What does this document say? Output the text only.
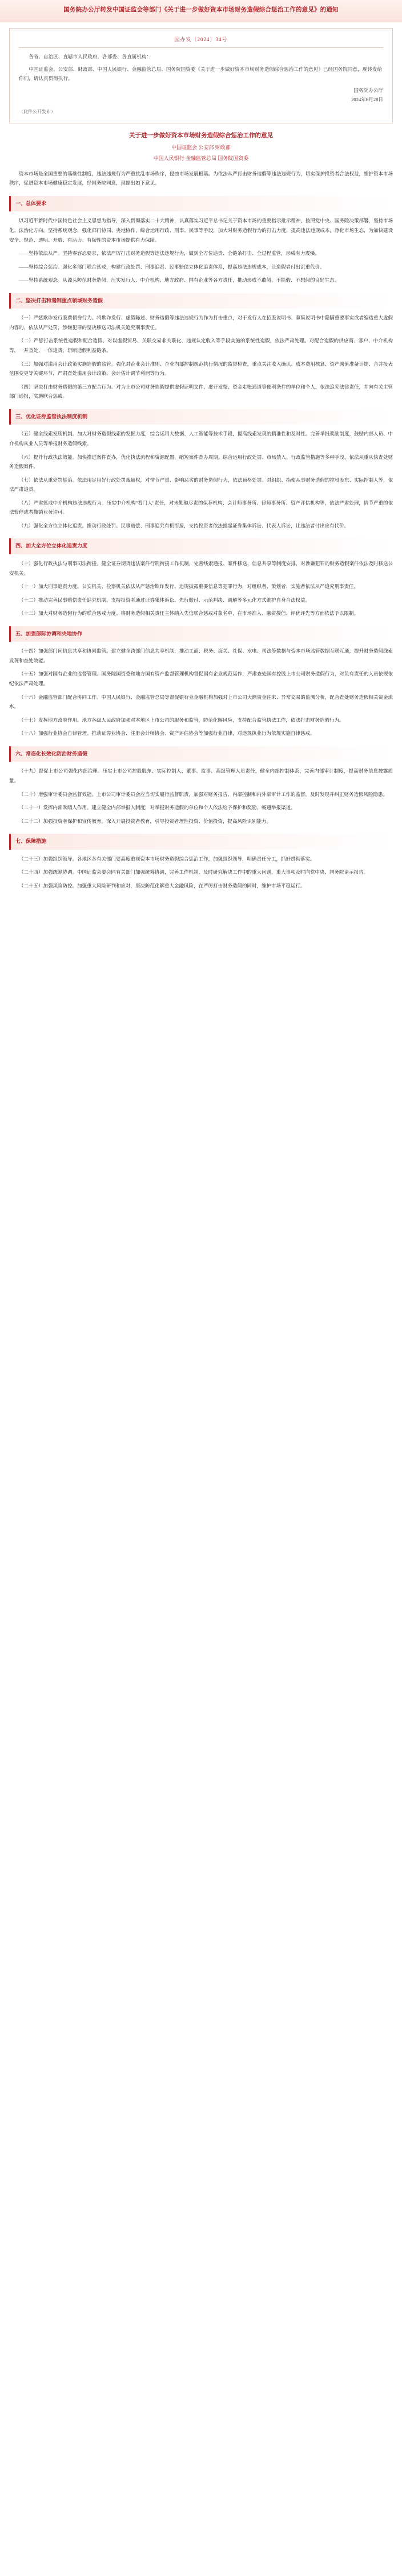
国务院办公厅转发中国证监会等部门《关于进一步做好资本市场财务造假综合惩治工作的意见》的通知
国办发〔2024〕34号

各省、自治区、直辖市人民政府，各部委、各直属机构：

中国证监会、公安部、财政部、中国人民银行、金融监管总局、国务院国资委《关于进一步做好资本市场财务造假综合惩治工作的意见》已经国务院同意，现转发给你们，请认真贯彻执行。

国务院办公厅
2024年6月28日
（此件公开发布）
关于进一步做好资本市场财务造假综合惩治工作的意见
中国证监会 公安部 财政部
中国人民银行 金融监管总局 国务院国资委

资本市场是全国重要的基础性制度，违法违规行为严重扰乱市场秩序，侵蚀市场发展根基。为依法从严打击财务造假等违法违规行为，切实保护投资者合法权益，维护资本市场秩序，促进资本市场健康稳定发展，经国务院同意，现提出如下意见。

一、总体要求

以习近平新时代中国特色社会主义思想为指导，深入贯彻落实二十大精神，认真落实习近平总书记关于资本市场的重要指示批示精神，按照党中央、国务院决策部署，坚持市场化、法治化方向，坚持系统观念，强化部门协同、央地协作，综合运用行政、刑事、民事等手段，加大对财务造假行为的打击力度，提高违法违规成本，净化市场生态，为加快建设安全、规范、透明、开放、有活力、有韧性的资本市场提供有力保障。

——坚持依法从严。坚持零容忍要求，依法严厉打击财务造假等违法违规行为，做到全方位追责、全链条打击、全过程监管，形成有力震慑。

——坚持综合惩治。强化多部门联合惩戒，构建行政处罚、刑事追责、民事赔偿立体化追责体系，提高违法违规成本，让造假者付出沉重代价。

——坚持系统观念。从源头防范财务造假，压实发行人、中介机构、地方政府、国有企业等各方责任，推动形成不敢假、不能假、不想假的良好生态。

二、坚决打击和遏制重点领域财务造假

（一）严惩欺诈发行股票债券行为。将欺诈发行、虚假陈述、财务造假等违法违规行为作为打击重点，对于发行人在招股说明书、募集说明书中隐瞒重要事实或者编造重大虚假内容的，依法从严处罚，涉嫌犯罪的坚决移送司法机关追究刑事责任。

（二）严惩打击系统性造假和配合造假。对以虚假贸易、关联交易非关联化、违规认定收入等手段实施的系统性造假，依法严肃处理。对配合造假的供应商、客户、中介机构等，一并查处、一体追责，斩断造假利益链条。

（三）加强对滥用会计政策实施造假的监管。强化对企业会计准则、企业内部控制规范执行情况的监督检查，重点关注收入确认、成本费用核算、资产减值准备计提、合并报表范围变更等关键环节，严肃查处滥用会计政策、会计估计调节利润等行为。

（四）坚决打击财务造假的第三方配合行为。对为上市公司财务造假提供虚假证明文件、虚开发票、资金走账通道等便利条件的单位和个人，依法追究法律责任，并向有关主管部门通报，实施联合惩戒。

三、优化证券监管执法制度机制

（五）健全线索发现机制。加大对财务造假线索的发掘力度，综合运用大数据、人工智能等技术手段，提高线索发现的精准性和及时性。完善举报奖励制度，鼓励内部人员、中介机构从业人员等举报财务造假线索。

（六）提升行政执法效能。加快推进案件查办，优化执法流程和资源配置，缩短案件查办周期。综合运用行政处罚、市场禁入、行政监管措施等多种手段，依法从重从快查处财务造假案件。

（七）依法从重处罚惩治。依法用足用好行政处罚裁量权，对情节严重、影响恶劣的财务造假行为，依法顶格处罚。对组织、指使从事财务造假的控股股东、实际控制人等，依法严肃追责。

（八）严肃惩戒中介机构违法违规行为。压实中介机构"看门人"责任，对未勤勉尽责的保荐机构、会计师事务所、律师事务所、资产评估机构等，依法严肃处理，情节严重的依法暂停或者撤销业务许可。

（九）强化全方位立体化追责。推动行政处罚、民事赔偿、刑事追究有机衔接，支持投资者依法提起证券集体诉讼、代表人诉讼，让违法者付出应有代价。

四、加大全方位立体化追责力度

（十）强化行政执法与刑事司法衔接。健全证券期货违法案件行刑衔接工作机制，完善线索通报、案件移送、信息共享等制度安排，对涉嫌犯罪的财务造假案件依法及时移送公安机关。

（十一）加大刑事追责力度。公安机关、检察机关依法从严惩治欺诈发行、违规披露重要信息等犯罪行为，对组织者、策划者、实施者依法从严追究刑事责任。

（十二）推动完善民事赔偿责任追究机制。支持投资者通过证券集体诉讼、先行赔付、示范判决、调解等多元化方式维护自身合法权益。

（十三）加大对财务造假行为的联合惩戒力度。将财务造假相关责任主体纳入失信联合惩戒对象名单，在市场准入、融资授信、评优评先等方面依法予以限制。

五、加强部际协调和央地协作

（十四）加强部门间信息共享和协同监管。建立健全跨部门信息共享机制，推动工商、税务、海关、社保、水电、司法等数据与资本市场监管数据互联互通，提升财务造假线索发现和查处效能。

（十五）加强对国有企业的监督管理。国务院国资委和地方国有资产监督管理机构督促国有企业规范运作，严肃查处国有控股上市公司财务造假行为，对负有责任的人员依规依纪依法严肃处理。

（十六）金融监管部门配合协同工作。中国人民银行、金融监管总局等督促银行业金融机构加强对上市公司大额资金往来、异常交易的监测分析，配合查处财务造假相关资金流水。

（十七）发挥地方政府作用。地方各级人民政府加强对本地区上市公司的服务和监管，防范化解风险，支持配合监管执法工作，依法打击财务造假行为。

（十八）加强行业协会自律管理。推动证券业协会、注册会计师协会、资产评估协会等加强行业自律，对违规执业行为依规实施自律惩戒。

六、常态化长效化防治财务造假

（十九）督促上市公司强化内部治理。压实上市公司控股股东、实际控制人、董事、监事、高级管理人员责任，健全内部控制体系，完善内部审计制度，提高财务信息披露质量。

（二十）增强审计委员会监督效能。上市公司审计委员会应当切实履行监督职责，加强对财务报告、内部控制和内外部审计工作的监督，及时发现并纠正财务造假风险隐患。

（二十一）发挥内部吹哨人作用。建立健全内部举报人制度，对举报财务造假的单位和个人依法给予保护和奖励，畅通举报渠道。

（二十二）加强投资者保护和宣传教育。深入开展投资者教育，引导投资者理性投资、价值投资，提高风险识别能力。

七、保障措施

（二十三）加强组织领导。各地区各有关部门要高度重视资本市场财务造假综合惩治工作，加强组织领导，明确责任分工，抓好贯彻落实。

（二十四）加强统筹协调。中国证监会要会同有关部门加强统筹协调，完善工作机制，及时研究解决工作中的重大问题，重大事项及时向党中央、国务院请示报告。

（二十五）加强风险防控。加强重大风险研判和应对，坚决防范化解重大金融风险，在严厉打击财务造假的同时，维护市场平稳运行。
